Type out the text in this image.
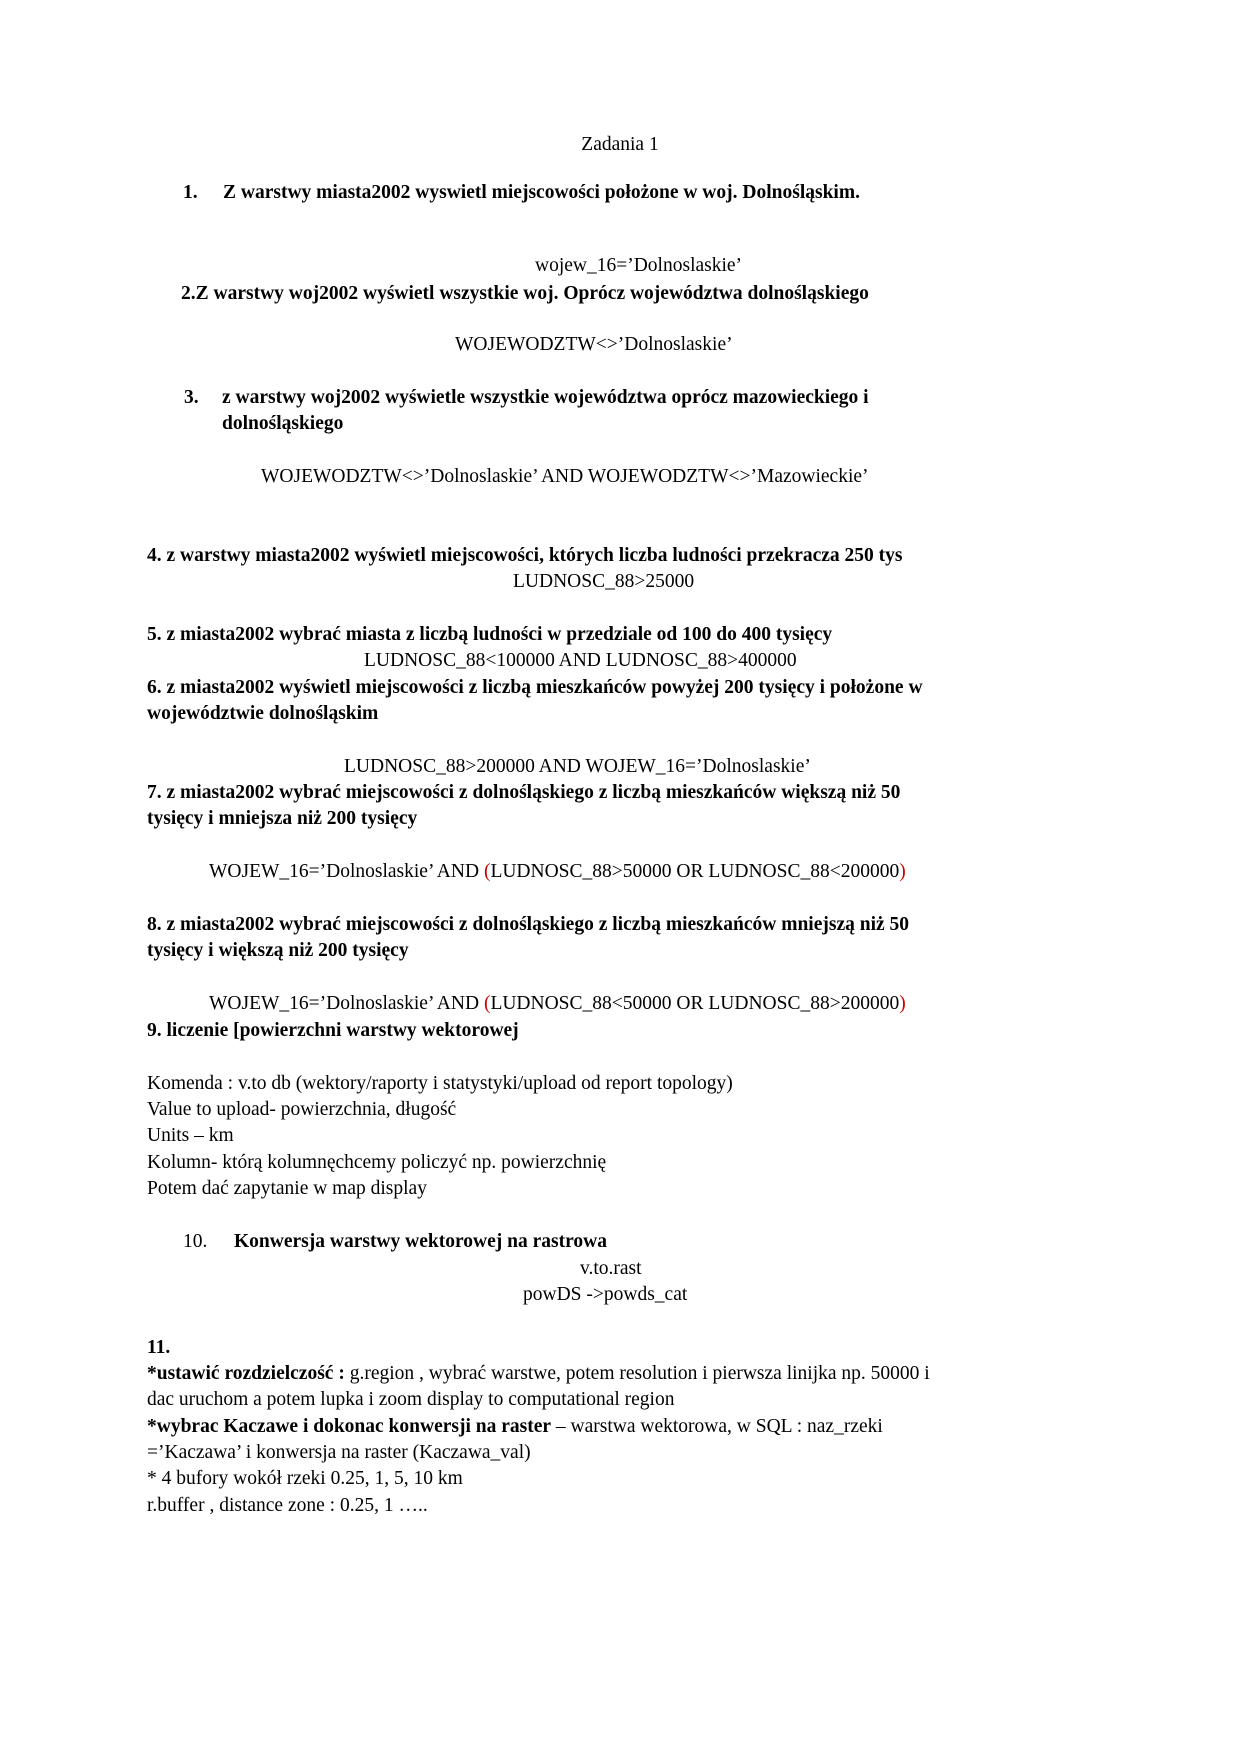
Zadania 1

1. Z warstwy miasta2002 wyswietl miejscowości położone w woj. Dolnośląskim.

wojew_16=’Dolnoslaskie’

2.Z warstwy woj2002 wyświetl wszystkie woj. Oprócz województwa dolnośląskiego

WOJEWODZTW<>’Dolnoslaskie’

3. z warstwy woj2002 wyświetle wszystkie województwa oprócz mazowieckiego i

dolnośląskiego

WOJEWODZTW<>’Dolnoslaskie’ AND WOJEWODZTW<>’Mazowieckie’

4. z warstwy miasta2002 wyświetl miejscowości, których liczba ludności przekracza 250 tys

LUDNOSC_88>25000

5. z miasta2002 wybrać miasta z liczbą ludności w przedziale od 100 do 400 tysięcy

LUDNOSC_88<100000 AND LUDNOSC_88>400000

6. z miasta2002 wyświetl miejscowości z liczbą mieszkańców powyżej 200 tysięcy i położone w

województwie dolnośląskim

LUDNOSC_88>200000 AND WOJEW_16=’Dolnoslaskie’

7. z miasta2002 wybrać miejscowości z dolnośląskiego z liczbą mieszkańców większą niż 50

tysięcy i mniejsza niż 200 tysięcy

WOJEW_16=’Dolnoslaskie’ AND (LUDNOSC_88>50000 OR LUDNOSC_88<200000)

8. z miasta2002 wybrać miejscowości z dolnośląskiego z liczbą mieszkańców mniejszą niż 50

tysięcy i większą niż 200 tysięcy

WOJEW_16=’Dolnoslaskie’ AND (LUDNOSC_88<50000 OR LUDNOSC_88>200000)

9. liczenie [powierzchni warstwy wektorowej

Komenda : v.to db (wektory/raporty i statystyki/upload od report topology)

Value to upload- powierzchnia, długość

Units – km

Kolumn- którą kolumnęchcemy policzyć np. powierzchnię

Potem dać zapytanie w map display

10. Konwersja warstwy wektorowej na rastrowa

v.to.rast

powDS ->powds_cat

11.

*ustawić rozdzielczość : g.region , wybrać warstwe, potem resolution i pierwsza linijka np. 50000 i

dac uruchom a potem lupka i zoom display to computational region

*wybrac Kaczawe i dokonac konwersji na raster – warstwa wektorowa, w SQL : naz_rzeki

=’Kaczawa’ i konwersja na raster (Kaczawa_val)

* 4 bufory wokół rzeki 0.25, 1, 5, 10 km

r.buffer , distance zone : 0.25, 1 …..
